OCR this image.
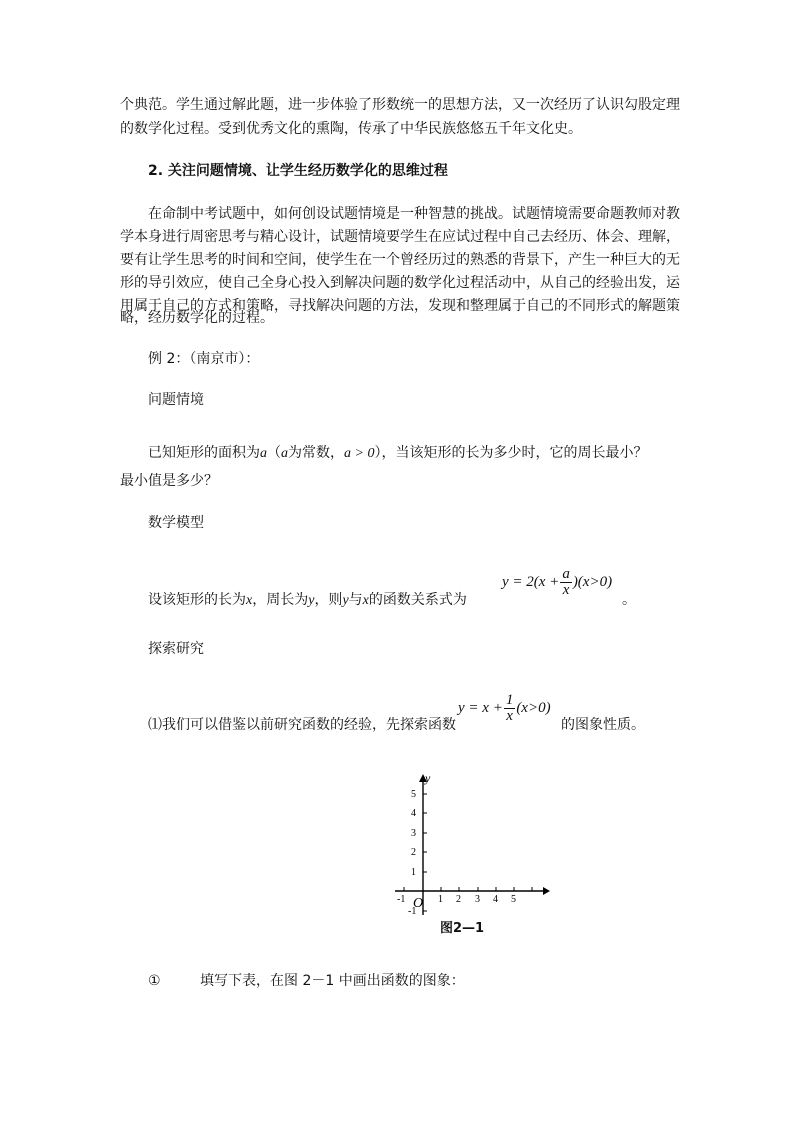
个典范。学生通过解此题，进一步体验了形数统一的思想方法，又一次经历了认识勾股定理
的数学化过程。受到优秀文化的熏陶，传承了中华民族悠悠五千年文化史。
2. 关注问题情境、让学生经历数学化的思维过程
在命制中考试题中，如何创设试题情境是一种智慧的挑战。试题情境需要命题教师对教
学本身进行周密思考与精心设计，试题情境要学生在应试过程中自己去经历、体会、理解，
要有让学生思考的时间和空间，使学生在一个曾经历过的熟悉的背景下，产生一种巨大的无
形的导引效应，使自己全身心投入到解决问题的数学化过程活动中，从自己的经验出发，运
用属于自己的方式和策略，寻找解决问题的方法，发现和整理属于自己的不同形式的解题策
略，经历数学化的过程。
例 2：（南京市）：
问题情境
已知矩形的面积为a（a为常数，a > 0），当该矩形的长为多少时，它的周长最小？
最小值是多少？
数学模型
设该矩形的长为x，周长为y，则y与x的函数关系式为
$y = 2(x + \frac{a}{x} )(x>0)$
。
探索研究
⑴我们可以借鉴以前研究函数的经验，先探索函数
$y = x + \frac{1}{x} (x>0)$
的图象性质。
y
-1	1 2 3 4 5
5
4
3
2
1
-1
O
图2—1
①	填写下表，在图 2－1 中画出函数的图象：
